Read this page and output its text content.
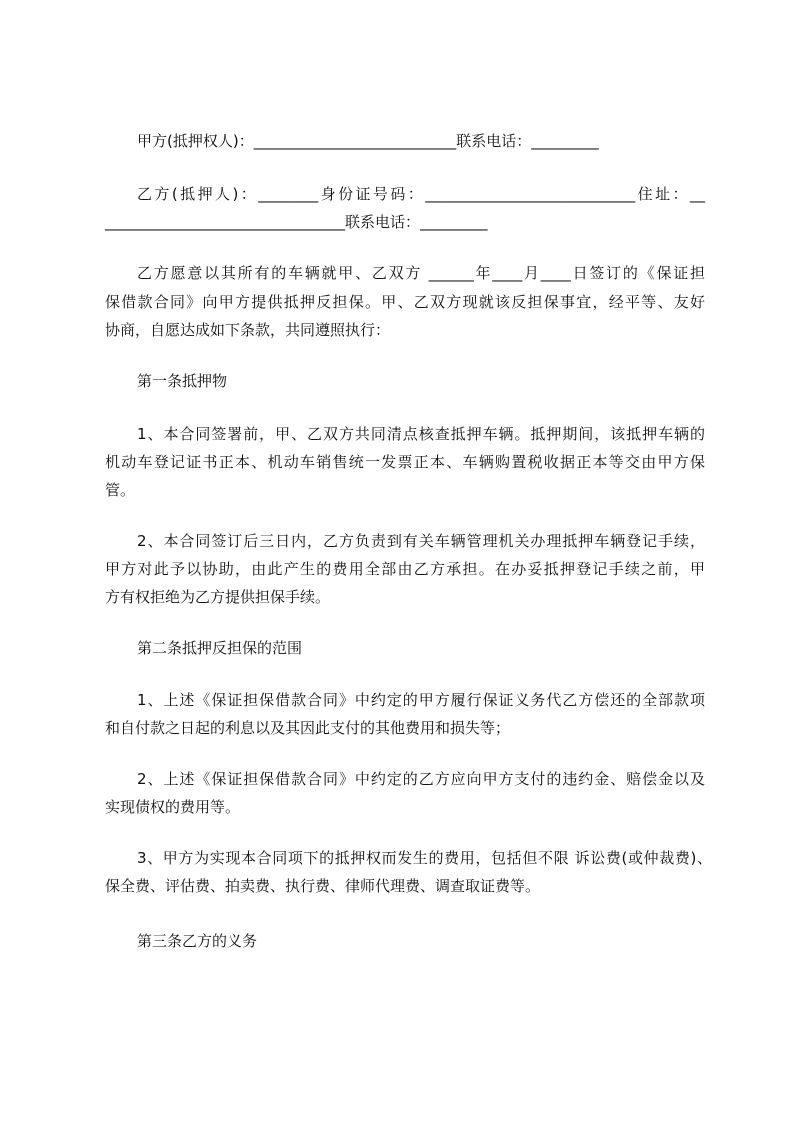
甲方(抵押权人)：___________________________联系电话：_________
乙方(抵押人)：________身份证号码：____________________________住址：__
________________________________联系电话：_________
乙方愿意以其所有的车辆就甲、乙双方 ______年____月____日签订的《保证担
保借款合同》向甲方提供抵押反担保。甲、乙双方现就该反担保事宜，经平等、友好
协商，自愿达成如下条款，共同遵照执行：
第一条抵押物
1、本合同签署前，甲、乙双方共同清点核查抵押车辆。抵押期间，该抵押车辆的
机动车登记证书正本、机动车销售统一发票正本、车辆购置税收据正本等交由甲方保
管。
2、本合同签订后三日内，乙方负责到有关车辆管理机关办理抵押车辆登记手续，
甲方对此予以协助，由此产生的费用全部由乙方承担。在办妥抵押登记手续之前，甲
方有权拒绝为乙方提供担保手续。
第二条抵押反担保的范围
1、上述《保证担保借款合同》中约定的甲方履行保证义务代乙方偿还的全部款项
和自付款之日起的利息以及其因此支付的其他费用和损失等；
2、上述《保证担保借款合同》中约定的乙方应向甲方支付的违约金、赔偿金以及
实现债权的费用等。
3、甲方为实现本合同项下的抵押权而发生的费用，包括但不限 诉讼费(或仲裁费)、
保全费、评估费、拍卖费、执行费、律师代理费、调查取证费等。
第三条乙方的义务
